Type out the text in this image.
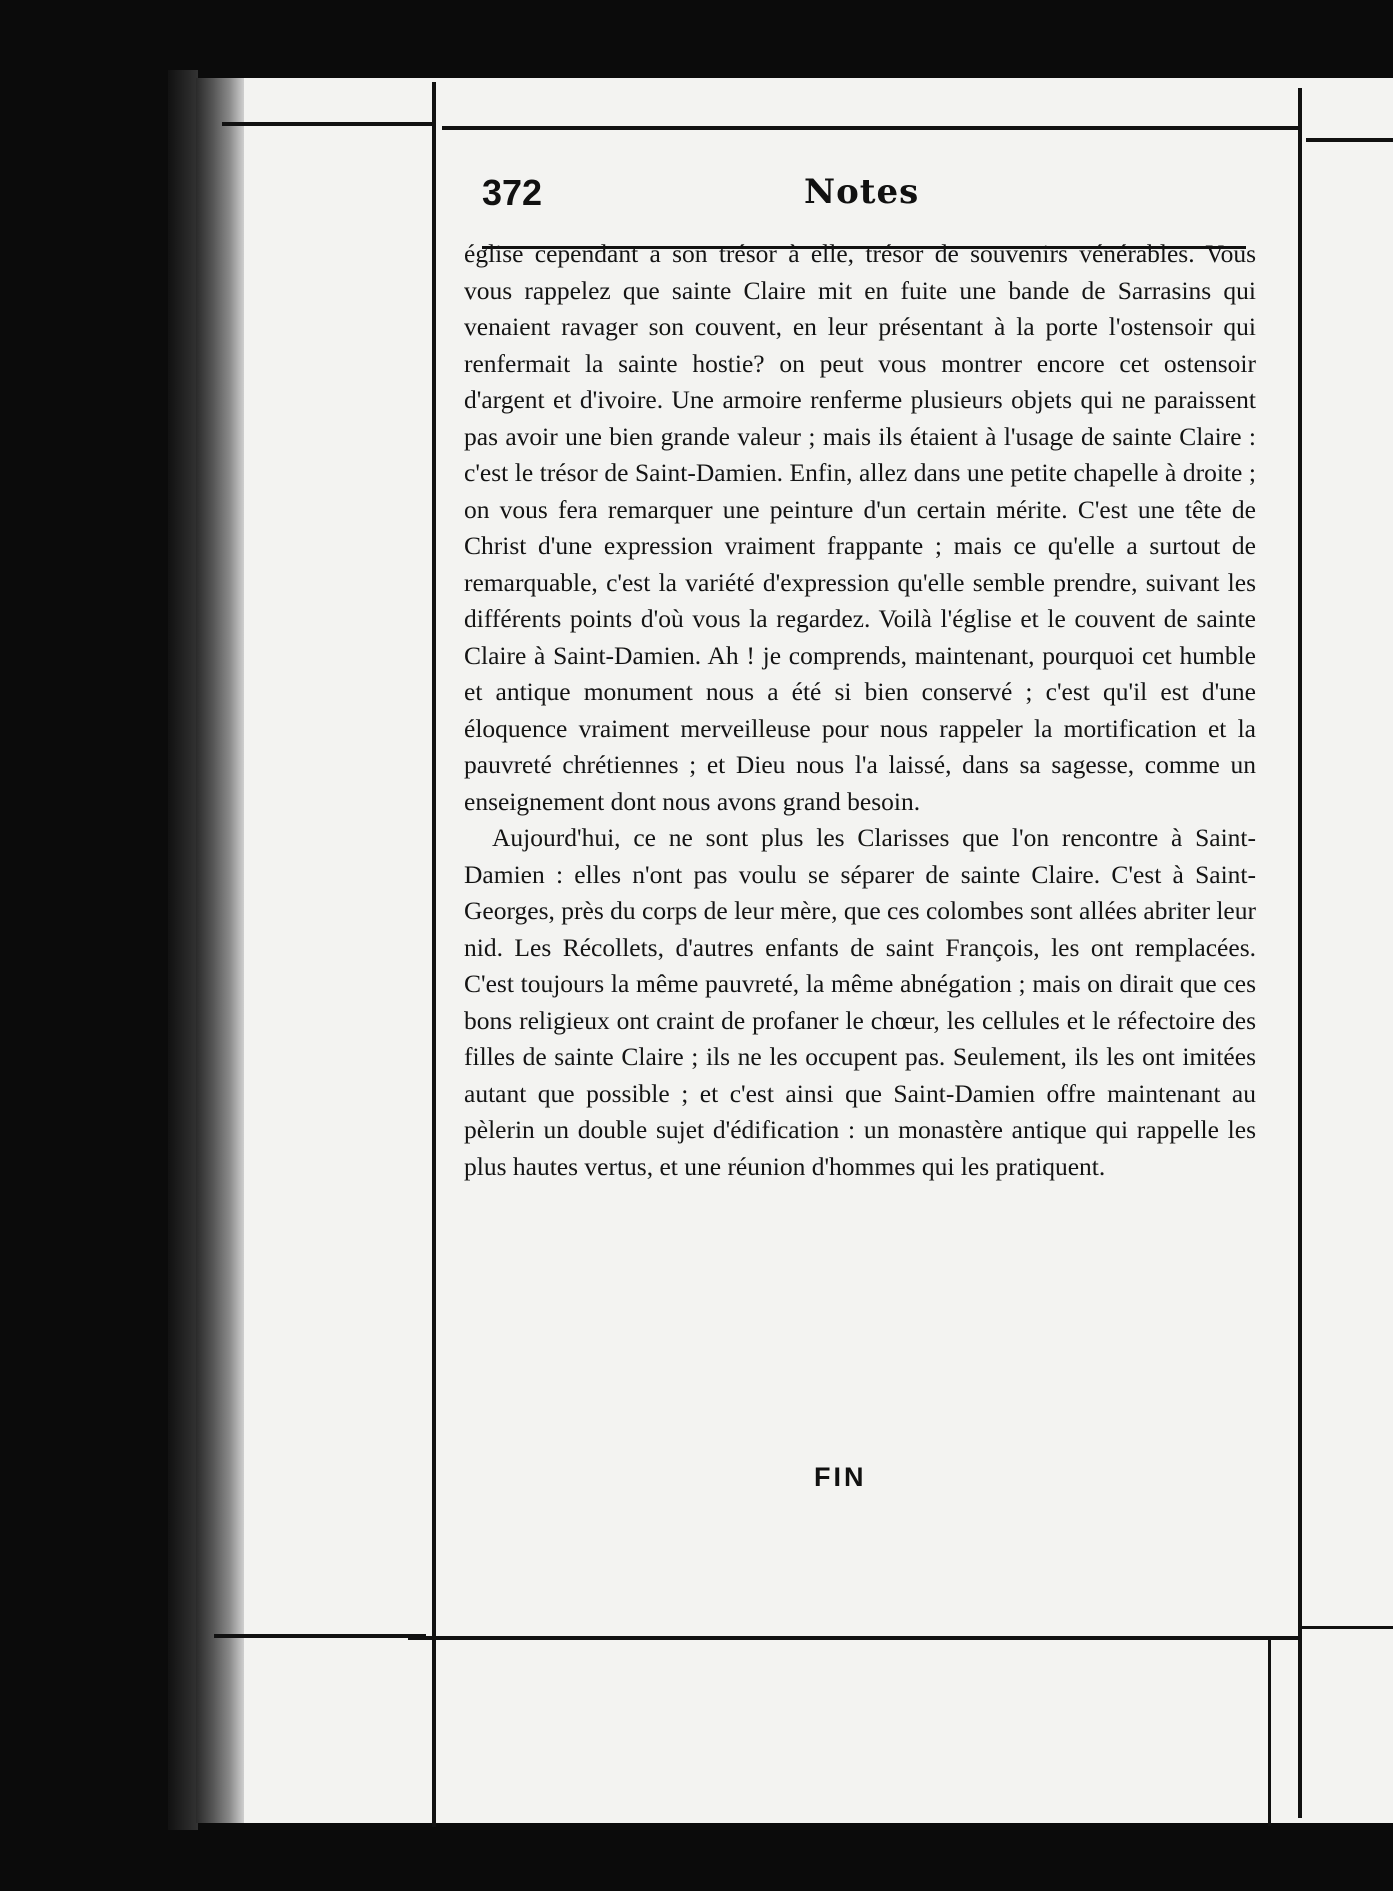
372	Notes

église cependant a son trésor à elle, trésor de souvenirs vénérables. Vous vous rappelez que sainte Claire mit en fuite une bande de Sarrasins qui venaient ravager son couvent, en leur présentant à la porte l'ostensoir qui renfermait la sainte hostie? on peut vous montrer encore cet ostensoir d'argent et d'ivoire. Une armoire renferme plusieurs objets qui ne paraissent pas avoir une bien grande valeur ; mais ils étaient à l'usage de sainte Claire : c'est le trésor de Saint-Damien. Enfin, allez dans une petite chapelle à droite ; on vous fera remarquer une peinture d'un certain mérite. C'est une tête de Christ d'une expression vraiment frappante ; mais ce qu'elle a surtout de remarquable, c'est la variété d'expression qu'elle semble prendre, suivant les différents points d'où vous la regardez. Voilà l'église et le couvent de sainte Claire à Saint-Damien. Ah ! je comprends, maintenant, pourquoi cet humble et antique monument nous a été si bien conservé ; c'est qu'il est d'une éloquence vraiment merveilleuse pour nous rappeler la mortification et la pauvreté chrétiennes ; et Dieu nous l'a laissé, dans sa sagesse, comme un enseignement dont nous avons grand besoin.

Aujourd'hui, ce ne sont plus les Clarisses que l'on rencontre à Saint-Damien : elles n'ont pas voulu se séparer de sainte Claire. C'est à Saint-Georges, près du corps de leur mère, que ces colombes sont allées abriter leur nid. Les Récollets, d'autres enfants de saint François, les ont remplacées. C'est toujours la même pauvreté, la même abnégation ; mais on dirait que ces bons religieux ont craint de profaner le chœur, les cellules et le réfectoire des filles de sainte Claire ; ils ne les occupent pas. Seulement, ils les ont imitées autant que possible ; et c'est ainsi que Saint-Damien offre maintenant au pèlerin un double sujet d'édification : un monastère antique qui rappelle les plus hautes vertus, et une réunion d'hommes qui les pratiquent.

FIN
